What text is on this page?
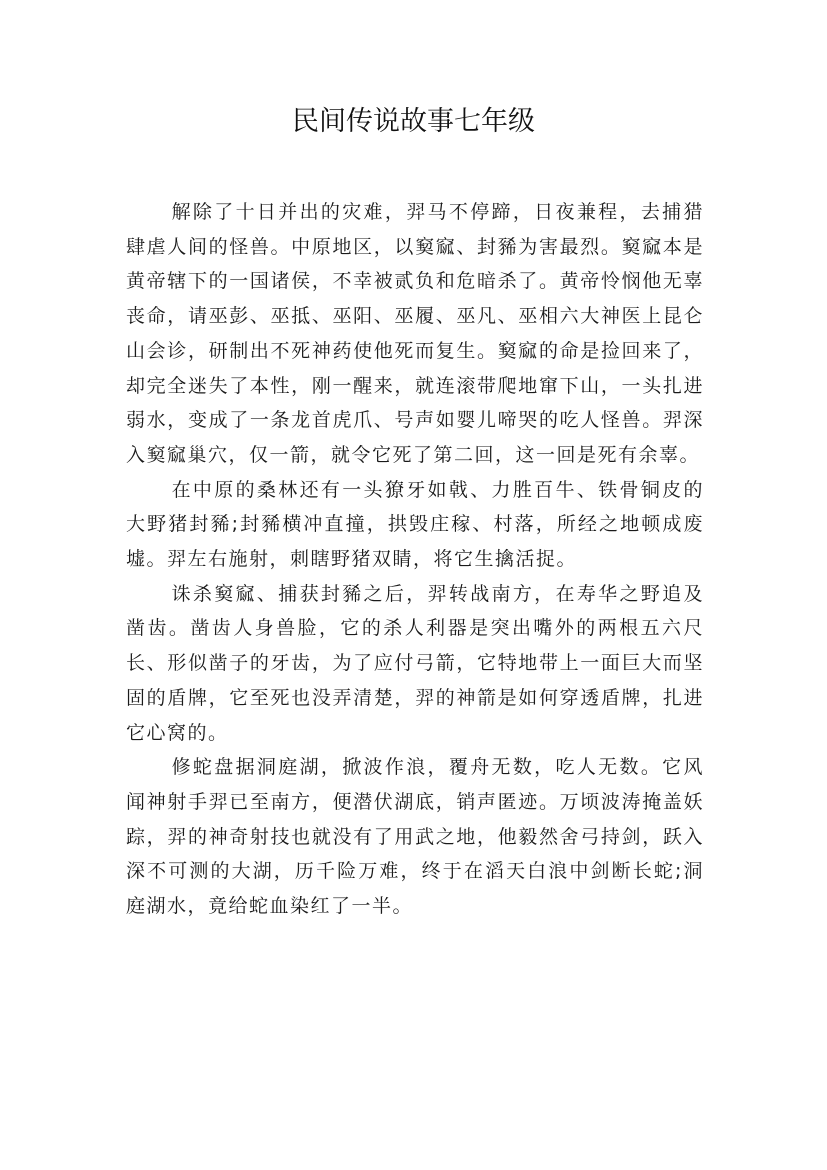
民间传说故事七年级

解除了十日并出的灾难，羿马不停蹄，日夜兼程，去捕猎肆虐人间的怪兽。中原地区，以窫窳、封豨为害最烈。窫窳本是黄帝辖下的一国诸侯，不幸被贰负和危暗杀了。黄帝怜悯他无辜丧命，请巫彭、巫抵、巫阳、巫履、巫凡、巫相六大神医上昆仑山会诊，研制出不死神药使他死而复生。窫窳的命是捡回来了，却完全迷失了本性，刚一醒来，就连滚带爬地窜下山，一头扎进弱水，变成了一条龙首虎爪、号声如婴儿啼哭的吃人怪兽。羿深入窫窳巢穴，仅一箭，就令它死了第二回，这一回是死有余辜。

在中原的桑林还有一头獠牙如戟、力胜百牛、铁骨铜皮的大野猪封豨;封豨横冲直撞，拱毁庄稼、村落，所经之地顿成废墟。羿左右施射，刺瞎野猪双睛，将它生擒活捉。

诛杀窫窳、捕获封豨之后，羿转战南方，在寿华之野追及凿齿。凿齿人身兽脸，它的杀人利器是突出嘴外的两根五六尺长、形似凿子的牙齿，为了应付弓箭，它特地带上一面巨大而坚固的盾牌，它至死也没弄清楚，羿的神箭是如何穿透盾牌，扎进它心窝的。

修蛇盘据洞庭湖，掀波作浪，覆舟无数，吃人无数。它风闻神射手羿已至南方，便潜伏湖底，销声匿迹。万顷波涛掩盖妖踪，羿的神奇射技也就没有了用武之地，他毅然舍弓持剑，跃入深不可测的大湖，历千险万难，终于在滔天白浪中剑断长蛇;洞庭湖水，竟给蛇血染红了一半。
